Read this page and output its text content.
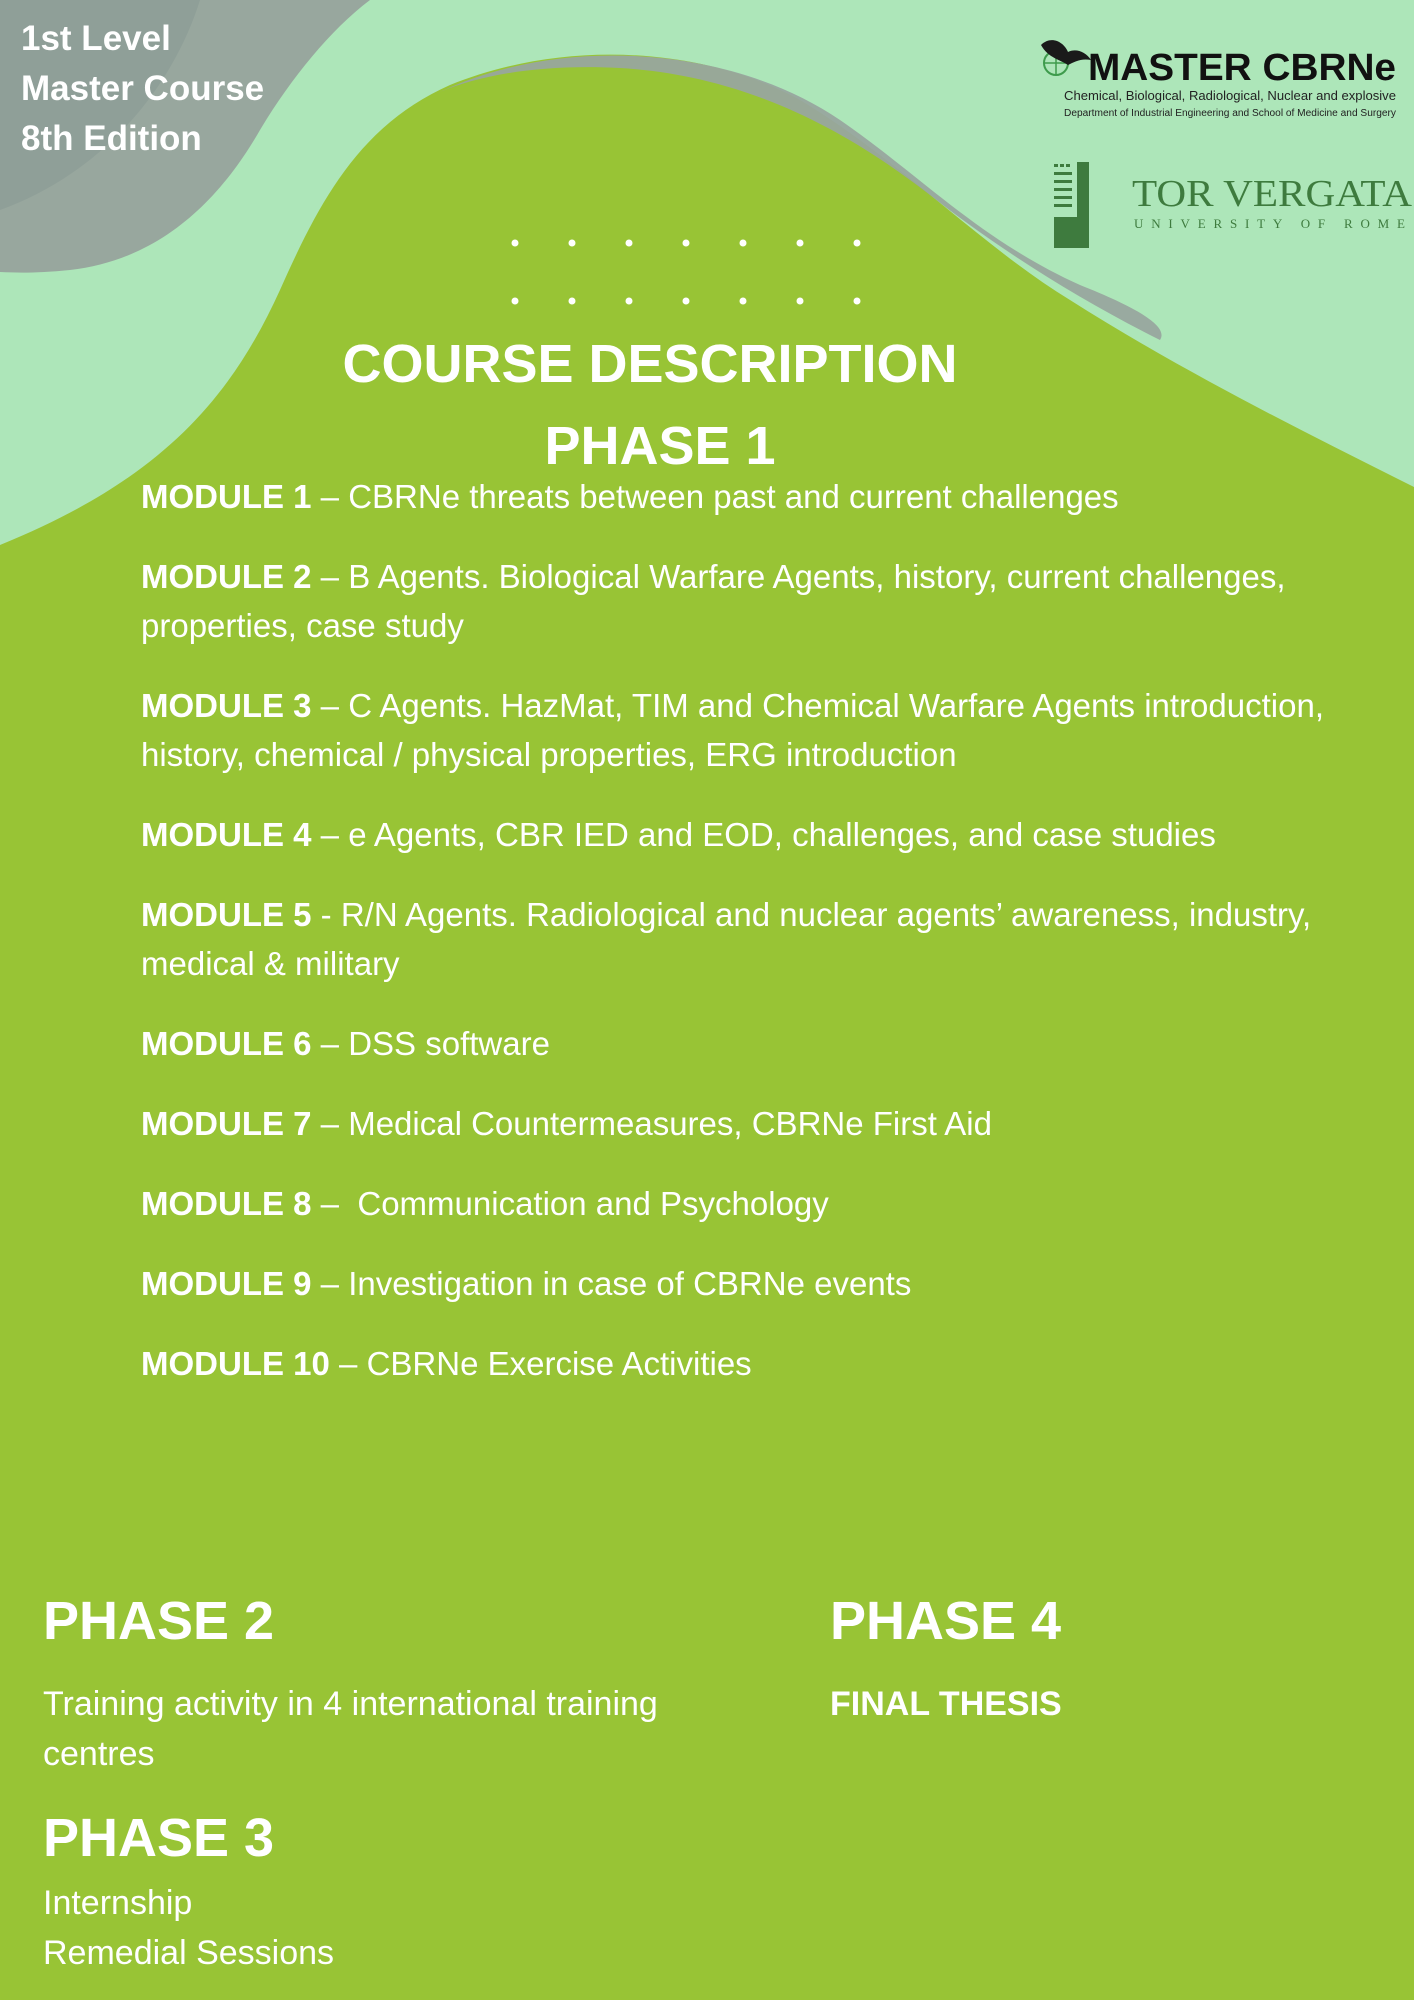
1st Level
Master Course
8th Edition
MASTER CBRNe
Chemical, Biological, Radiological, Nuclear and explosive
Department of Industrial Engineering and School of Medicine and Surgery
TOR VERGATA
UNIVERSITY OF ROME
COURSE DESCRIPTION
PHASE 1
MODULE 1 – CBRNe threats between past and current challenges
MODULE 2 – B Agents. Biological Warfare Agents, history, current challenges, properties, case study
MODULE 3 – C Agents. HazMat, TIM and Chemical Warfare Agents introduction, history, chemical / physical properties, ERG introduction
MODULE 4 – e Agents, CBR IED and EOD, challenges, and case studies
MODULE 5 - R/N Agents. Radiological and nuclear agents’ awareness, industry, medical & military
MODULE 6 – DSS software
MODULE 7 – Medical Countermeasures, CBRNe First Aid
MODULE 8 –  Communication and Psychology
MODULE 9 – Investigation in case of CBRNe events
MODULE 10 – CBRNe Exercise Activities
PHASE 2
Training activity in 4 international training centres
PHASE 3
Internship
Remedial Sessions
PHASE 4
FINAL THESIS
